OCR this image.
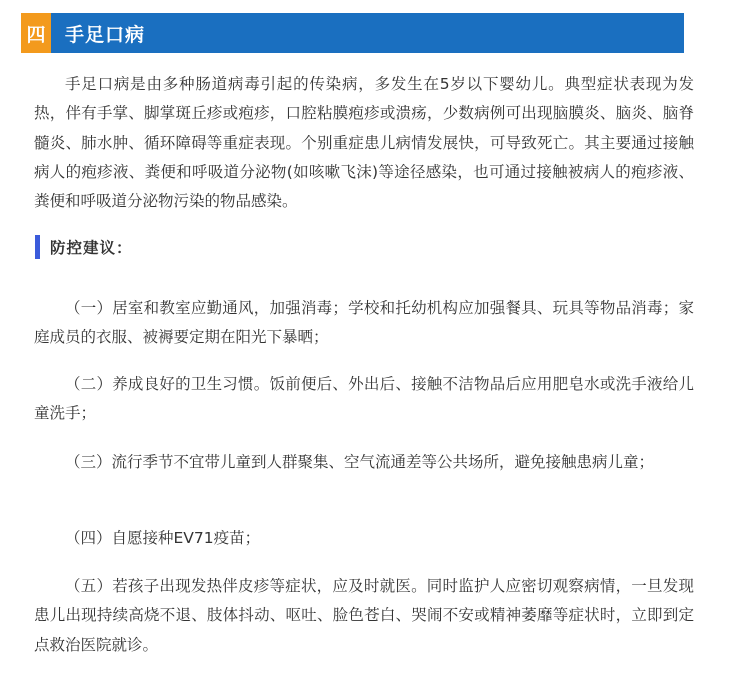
四 手足口病

手足口病是由多种肠道病毒引起的传染病，多发生在5岁以下婴幼儿。典型症状表现为发热，伴有手掌、脚掌斑丘疹或疱疹，口腔粘膜疱疹或溃疡，少数病例可出现脑膜炎、脑炎、脑脊髓炎、肺水肿、循环障碍等重症表现。个别重症患儿病情发展快，可导致死亡。其主要通过接触病人的疱疹液、粪便和呼吸道分泌物(如咳嗽飞沫)等途径感染，也可通过接触被病人的疱疹液、粪便和呼吸道分泌物污染的物品感染。

防控建议：

（一）居室和教室应勤通风，加强消毒；学校和托幼机构应加强餐具、玩具等物品消毒；家庭成员的衣服、被褥要定期在阳光下暴晒；

（二）养成良好的卫生习惯。饭前便后、外出后、接触不洁物品后应用肥皂水或洗手液给儿童洗手；

（三）流行季节不宜带儿童到人群聚集、空气流通差等公共场所，避免接触患病儿童；

（四）自愿接种EV71疫苗；

（五）若孩子出现发热伴皮疹等症状，应及时就医。同时监护人应密切观察病情，一旦发现患儿出现持续高烧不退、肢体抖动、呕吐、脸色苍白、哭闹不安或精神萎靡等症状时，立即到定点救治医院就诊。
